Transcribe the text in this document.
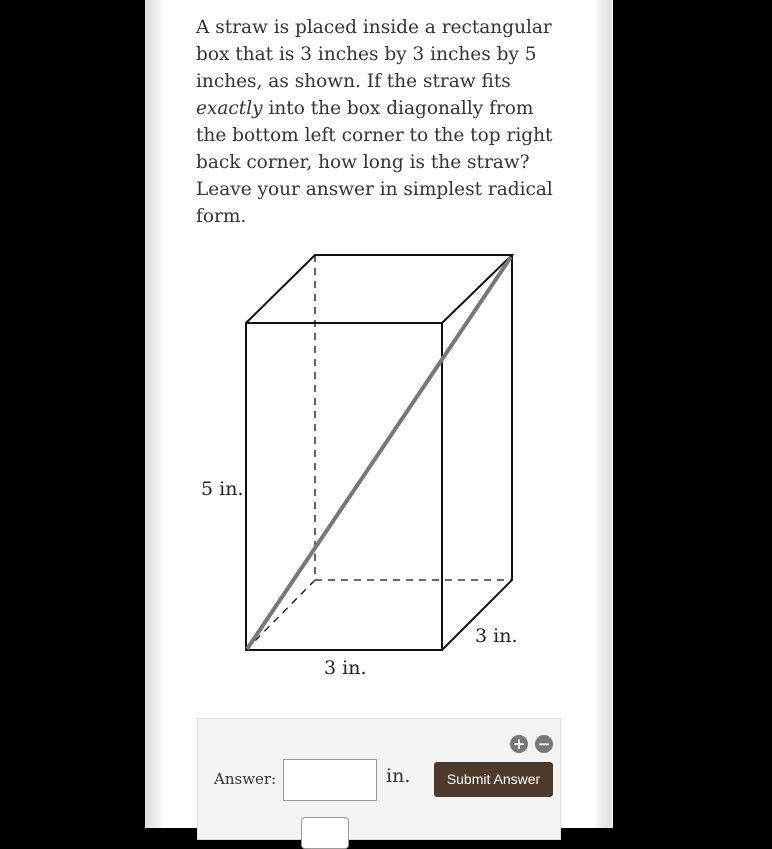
A straw is placed inside a rectangular box that is 3 inches by 3 inches by 5 inches, as shown. If the straw fits exactly into the box diagonally from the bottom left corner to the top right back corner, how long is the straw? Leave your answer in simplest radical form.
5 in.
3 in.
3 in.
+ −
Answer:	in.	Submit Answer
